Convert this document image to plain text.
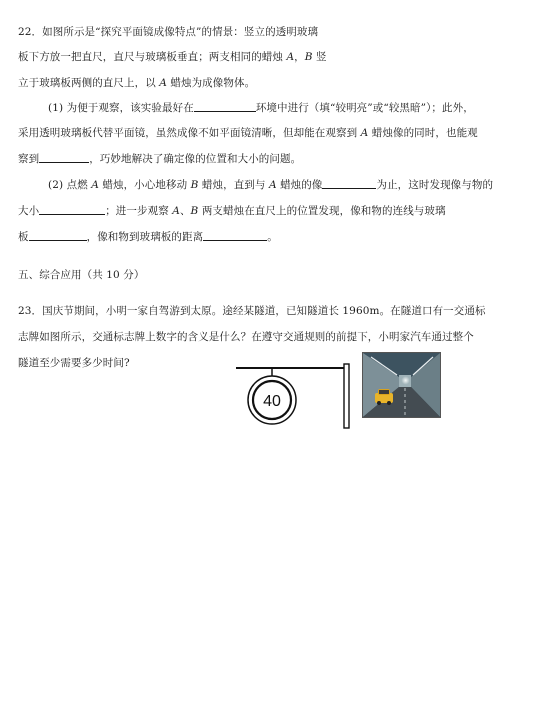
22．如图所示是“探究平面镜成像特点”的情景：竖立的透明玻璃
板下方放一把直尺，直尺与玻璃板垂直；两支相同的蜡烛 A，B 竖
立于玻璃板两侧的直尺上，以 A 蜡烛为成像物体。
(1) 为便于观察，该实验最好在	环境中进行（填“较明亮”或“较黑暗”）；此外，
采用透明玻璃板代替平面镜，虽然成像不如平面镜清晰，但却能在观察到 A 蜡烛像的同时，也能观
察到	，巧妙地解决了确定像的位置和大小的问题。
(2) 点燃 A 蜡烛，小心地移动 B 蜡烛，直到与 A 蜡烛的像	为止，这时发现像与物的
大小	；进一步观察 A、B 两支蜡烛在直尺上的位置发现，像和物的连线与玻璃
板	，像和物到玻璃板的距离	。
五、综合应用（共 10 分）
23．国庆节期间，小明一家自驾游到太原。途经某隧道，已知隧道长 1960m。在隧道口有一交通标
志牌如图所示，交通标志牌上数字的含义是什么？在遵守交通规则的前提下，小明家汽车通过整个
隧道至少需要多少时间?
40
